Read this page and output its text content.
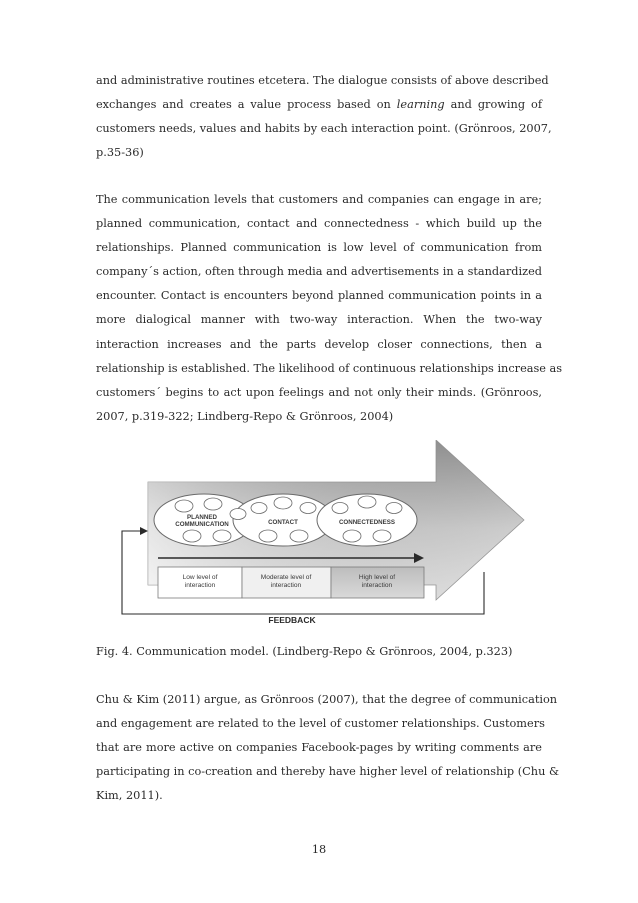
and administrative routines etcetera. The dialogue consists of above described
exchanges and creates a value process based on learning and growing of
customers needs, values and habits by each interaction point. (Grönroos, 2007,
p.35-36)
The communication levels that customers and companies can engage in are;
planned communication, contact and connectedness - which build up the
relationships. Planned communication is low level of communication from
company´s action, often through media and advertisements in a standardized
encounter. Contact is encounters beyond planned communication points in a
more dialogical manner with two-way interaction. When the two-way
interaction increases and the parts develop closer connections, then a
relationship is established. The likelihood of continuous relationships increase as
customers´ begins to act upon feelings and not only their minds. (Grönroos,
2007, p.319-322; Lindberg-Repo & Grönroos, 2004)
PLANNED
COMMUNICATION	CONTACT	CONNECTEDNESS
Low level of
interaction
Moderate level of
interaction
High level of
interaction
FEEDBACK
Fig. 4. Communication model. (Lindberg-Repo & Grönroos, 2004, p.323)
Chu & Kim (2011) argue, as Grönroos (2007), that the degree of communication
and engagement are related to the level of customer relationships. Customers
that are more active on companies Facebook-pages by writing comments are
participating in co-creation and thereby have higher level of relationship (Chu &
Kim, 2011).
18
